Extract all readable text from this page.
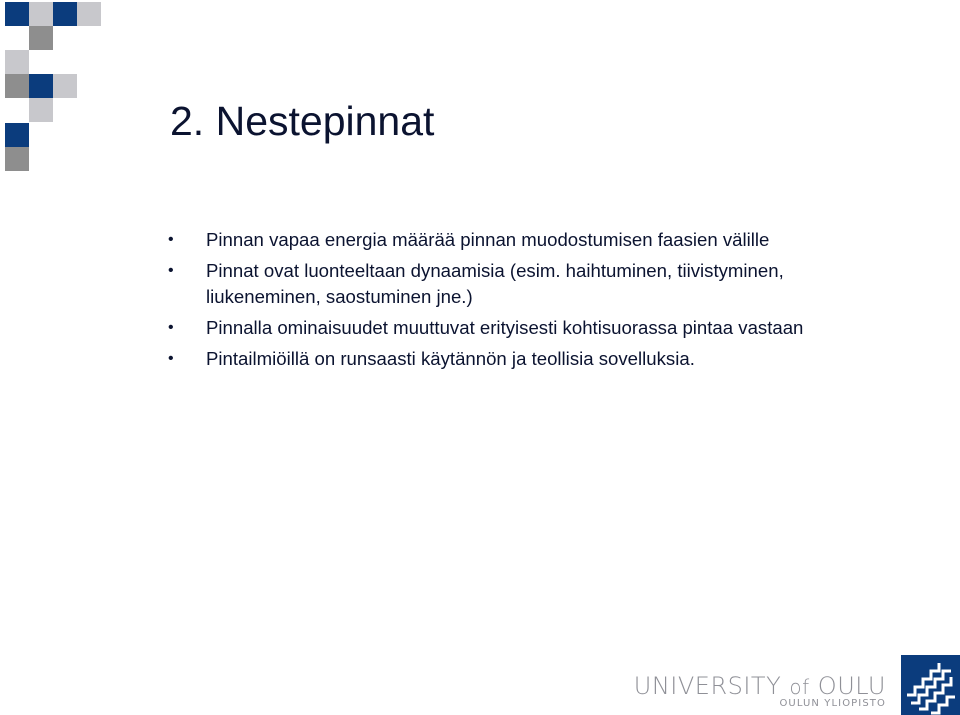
2. Nestepinnat
• Pinnan vapaa energia määrää pinnan muodostumisen faasien välille
• Pinnat ovat luonteeltaan dynaamisia (esim. haihtuminen, tiivistyminen, liukeneminen, saostuminen jne.)
• Pinnalla ominaisuudet muuttuvat erityisesti kohtisuorassa pintaa vastaan
• Pintailmiöillä on runsaasti käytännön ja teollisia sovelluksia.
UNIVERSITY of OULU
OULUN YLIOPISTO
